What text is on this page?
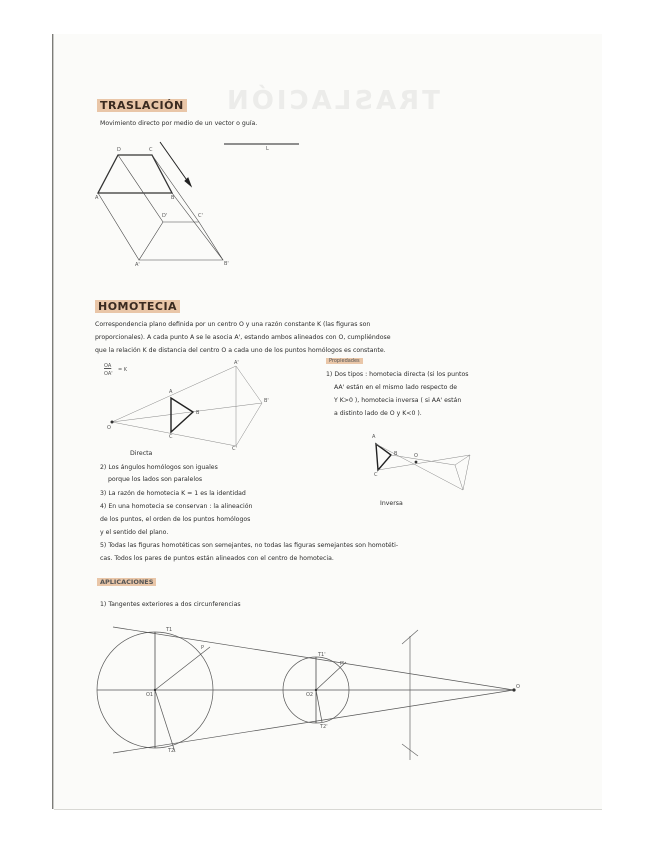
TRASLACIÓN
TRASLACIÓN
Movimiento directo por medio de un vector o guía.
D	C
A	B
D'	C'
A'	B'
L
HOMOTECIA
Correspondencia plano definida por un centro O y una razón constante K (las figuras son
proporcionales). A cada punto A se le asocia A', estando ambos alineados con O, cumpliéndose
que la relación K de distancia del centro O a cada uno de los puntos homólogos es constante.
OA
OA'
= K
Propiedades
1) Dos tipos : homotecia directa (si los puntos
AA' están en el mismo lado respecto de
Y K>0 ), homotecia inversa ( si AA' están
a distinto lado de O y K<0 ).
A
B
C
O
A'
B'
C'
Directa
A
B
C
O
Inversa
2) Los ángulos homólogos son iguales
porque los lados son paralelos
3) La razón de homotecia K = 1 es la identidad
4) En una homotecia se conservan : la alineación
de los puntos, el orden de los puntos homólogos
y el sentido del plano.
5) Todas las figuras homotéticas son semejantes, no todas las figuras semejantes son homotéti-
cas. Todos los pares de puntos están alineados con el centro de homotecia.
APLICACIONES
1) Tangentes exteriores a dos circunferencias
T1
T2
T1'
T2'
O1	O2
O
P
P'
